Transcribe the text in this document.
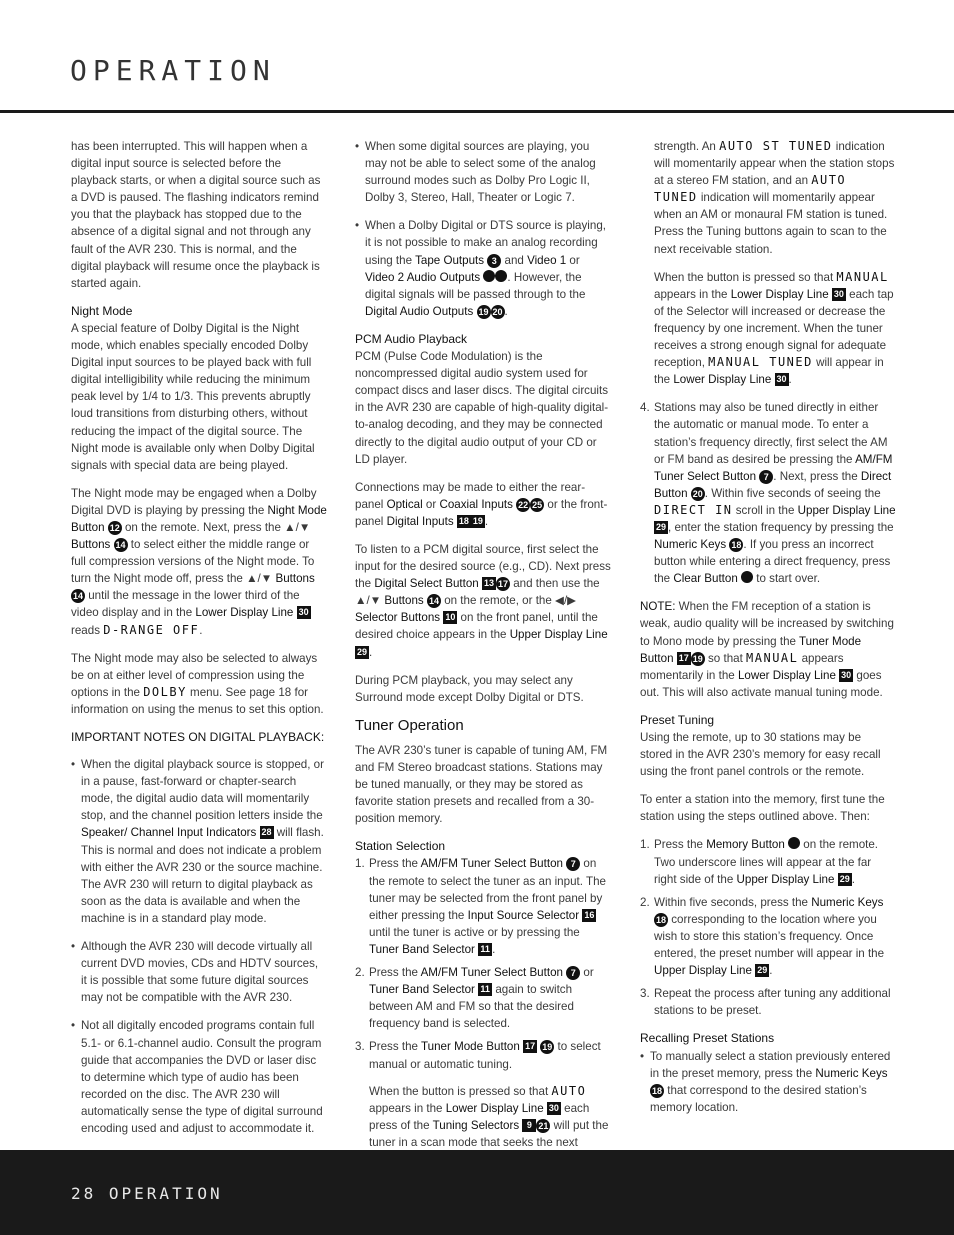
OPERATION

has been interrupted. This will happen when a digital input source is selected before the playback starts, or when a digital source such as a DVD is paused. The flashing indicators remind you that the playback has stopped due to the absence of a digital signal and not through any fault of the AVR 230. This is normal, and the digital playback will resume once the playback is started again.

Night Mode

A special feature of Dolby Digital is the Night mode, which enables specially encoded Dolby Digital input sources to be played back with full digital intelligibility while reducing the minimum peak level by 1/4 to 1/3. This prevents abruptly loud transitions from disturbing others, without reducing the impact of the digital source. The Night mode is available only when Dolby Digital signals with special data are being played.

The Night mode may be engaged when a Dolby Digital DVD is playing by pressing the Night Mode Button 12 on the remote. Next, press the ▲/▼ Buttons 14 to select either the middle range or full compression versions of the Night mode. To turn the Night mode off, press the ▲/▼ Buttons 14 until the message in the lower third of the video display and in the Lower Display Line 30 reads D-RANGE OFF.

The Night mode may also be selected to always be on at either level of compression using the options in the DOLBY menu. See page 18 for information on using the menus to set this option.

IMPORTANT NOTES ON DIGITAL PLAYBACK:
• When the digital playback source is stopped, or in a pause, fast-forward or chapter-search mode, the digital audio data will momentarily stop, and the channel position letters inside the Speaker/ Channel Input Indicators 28 will flash. This is normal and does not indicate a problem with either the AVR 230 or the source machine. The AVR 230 will return to digital playback as soon as the data is available and when the machine is in a standard play mode.
• Although the AVR 230 will decode virtually all current DVD movies, CDs and HDTV sources, it is possible that some future digital sources may not be compatible with the AVR 230.
• Not all digitally encoded programs contain full 5.1- or 6.1-channel audio. Consult the program guide that accompanies the DVD or laser disc to determine which type of audio has been recorded on the disc. The AVR 230 will automatically sense the type of digital surround encoding used and adjust to accommodate it.
• When some digital sources are playing, you may not be able to select some of the analog surround modes such as Dolby Pro Logic II, Dolby 3, Stereo, Hall, Theater or Logic 7.
• When a Dolby Digital or DTS source is playing, it is not possible to make an analog recording using the Tape Outputs 3 and Video 1 or Video 2 Audio Outputs . However, the digital signals will be passed through to the Digital Audio Outputs 19 20 .
PCM Audio Playback

PCM (Pulse Code Modulation) is the noncompressed digital audio system used for compact discs and laser discs. The digital circuits in the AVR 230 are capable of high-quality digital-to-analog decoding, and they may be connected directly to the digital audio output of your CD or LD player.

Connections may be made to either the rear-panel Optical or Coaxial Inputs 22 25 or the front-panel Digital Inputs 18 19 .

To listen to a PCM digital source, first select the input for the desired source (e.g., CD). Next press the Digital Select Button 13 17 and then use the ▲/▼ Buttons 14 on the remote, or the ◀/▶ Selector Buttons 10 on the front panel, until the desired choice appears in the Upper Display Line 29 .

During PCM playback, you may select any Surround mode except Dolby Digital or DTS.

Tuner Operation

The AVR 230’s tuner is capable of tuning AM, FM and FM Stereo broadcast stations. Stations may be tuned manually, or they may be stored as favorite station presets and recalled from a 30-position memory.

Station Selection
1. Press the AM/FM Tuner Select Button 7 on the remote to select the tuner as an input. The tuner may be selected from the front panel by either pressing the Input Source Selector 16 until the tuner is active or by pressing the Tuner Band Selector 11 .
2. Press the AM/FM Tuner Select Button 7 or Tuner Band Selector 11 again to switch between AM and FM so that the desired frequency band is selected.
3. Press the Tuner Mode Button 17 19 to select manual or automatic tuning.

When the button is pressed so that AUTO appears in the Lower Display Line 30 each press of the Tuning Selectors 9 21 will put the tuner in a scan mode that seeks the next

strength. An AUTO ST TUNED indication will momentarily appear when the station stops at a stereo FM station, and an AUTO TUNED indication will momentarily appear when an AM or monaural FM station is tuned. Press the Tuning buttons again to scan to the next receivable station.

When the button is pressed so that MANUAL appears in the Lower Display Line 30 each tap of the Selector will increased or decrease the frequency by one increment. When the tuner receives a strong enough signal for adequate reception, MANUAL TUNED will appear in the Lower Display Line 30 .

4. Stations may also be tuned directly in either the automatic or manual mode. To enter a station’s frequency directly, first select the AM or FM band as desired be pressing the AM/FM Tuner Select Button 7 . Next, press the Direct Button 20 . Within five seconds of seeing the DIRECT IN scroll in the Upper Display Line 29 , enter the station frequency by pressing the Numeric Keys 18 . If you press an incorrect button while entering a direct frequency, press the Clear Button  to start over.

NOTE: When the FM reception of a station is weak, audio quality will be increased by switching to Mono mode by pressing the Tuner Mode Button 17 19 so that MANUAL appears momentarily in the Lower Display Line 30 goes out. This will also activate manual tuning mode.

Preset Tuning

Using the remote, up to 30 stations may be stored in the AVR 230’s memory for easy recall using the front panel controls or the remote.

To enter a station into the memory, first tune the station using the steps outlined above. Then:

1. Press the Memory Button  on the remote. Two underscore lines will appear at the far right side of the Upper Display Line 29 .
2. Within five seconds, press the Numeric Keys 18 corresponding to the location where you wish to store this station’s frequency. Once entered, the preset number will appear in the Upper Display Line 29 .
3. Repeat the process after tuning any additional stations to be preset.
Recalling Preset Stations
• To manually select a station previously entered in the preset memory, press the Numeric Keys 18 that correspond to the desired station’s memory location.
28 OPERATION
